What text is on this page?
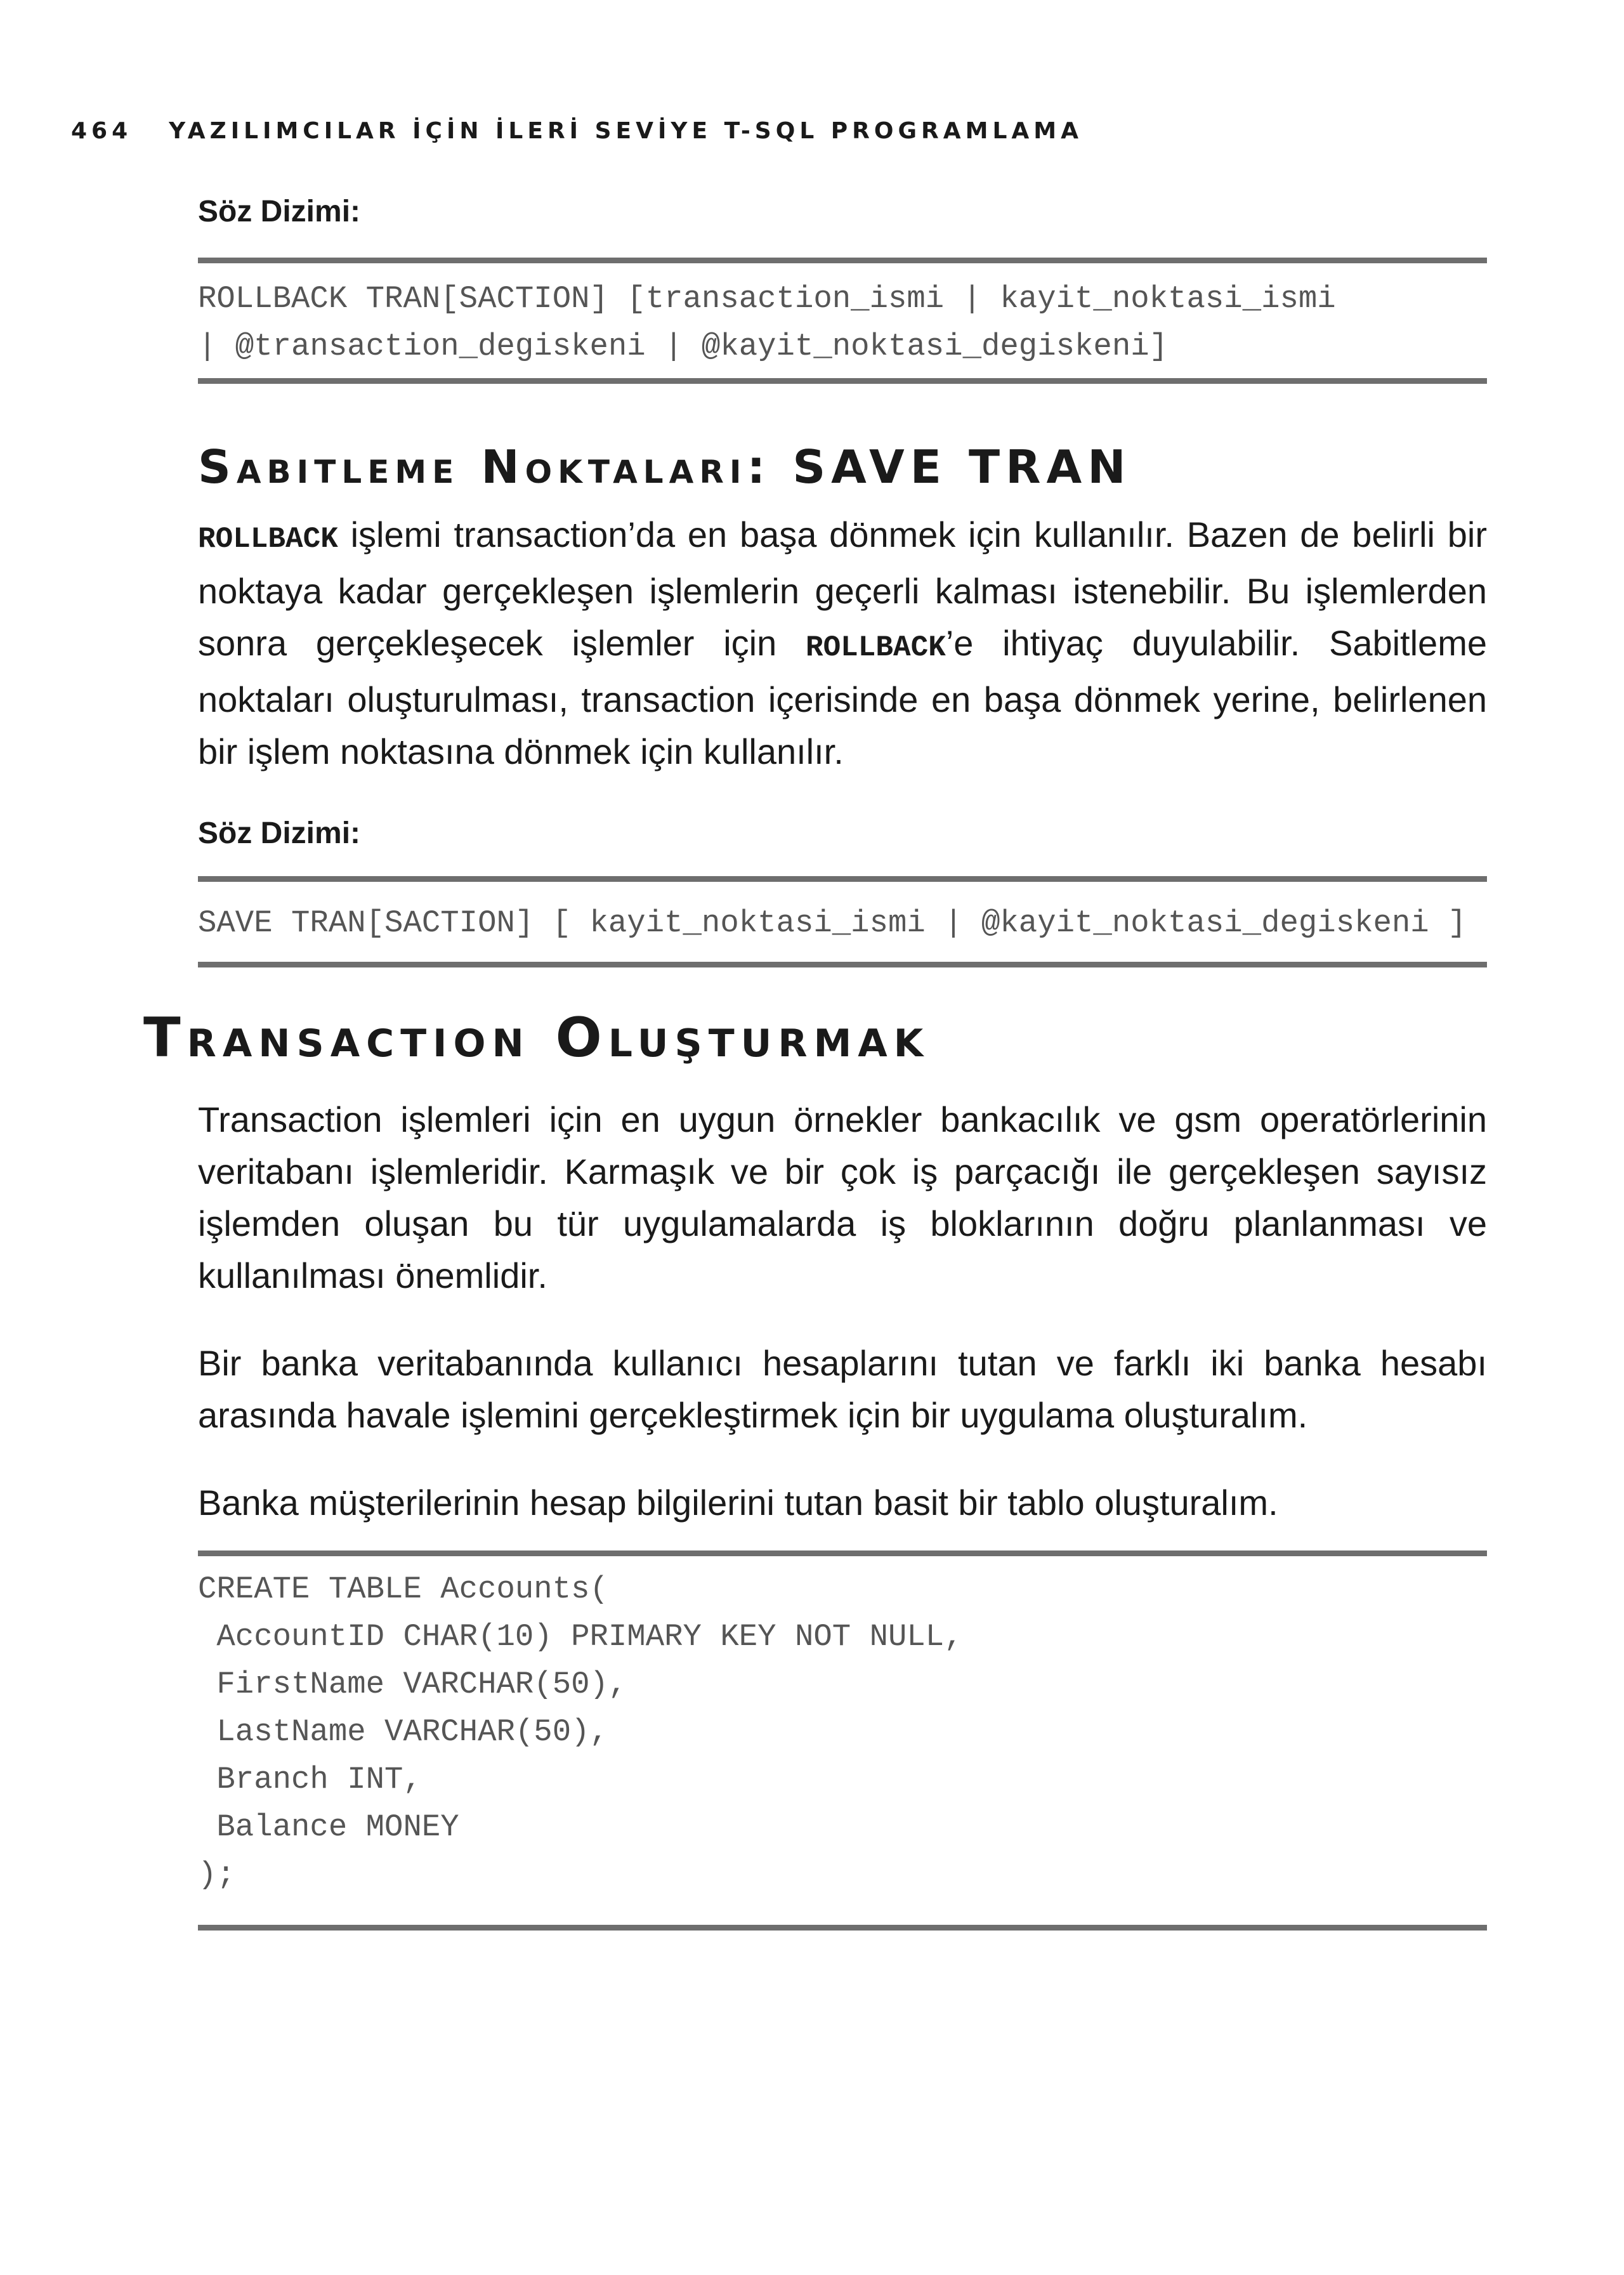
464 YAZILIMCILAR İÇİN İLERİ SEVİYE T-SQL PROGRAMLAMA
Söz Dizimi:
ROLLBACK TRAN[SACTION] [transaction_ismi | kayit_noktasi_ismi
| @transaction_degiskeni | @kayit_noktasi_degiskeni]
Sabitleme Noktaları: SAVE TRAN
ROLLBACK işlemi transaction’da en başa dönmek için kullanılır. Bazen de belirli bir noktaya kadar gerçekleşen işlemlerin geçerli kalması istenebilir. Bu işlemlerden sonra gerçekleşecek işlemler için ROLLBACK’e ihtiyaç duyulabilir. Sabitleme noktaları oluşturulması, transaction içerisinde en başa dönmek yerine, belirlenen bir işlem noktasına dönmek için kullanılır.
Söz Dizimi:
SAVE TRAN[SACTION] [ kayit_noktasi_ismi | @kayit_noktasi_degiskeni ]
Transaction Oluşturmak
Transaction işlemleri için en uygun örnekler bankacılık ve gsm operatörlerinin veritabanı işlemleridir. Karmaşık ve bir çok iş parçacığı ile gerçekleşen sayısız işlemden oluşan bu tür uygulamalarda iş bloklarının doğru planlanması ve kullanılması önemlidir.
Bir banka veritabanında kullanıcı hesaplarını tutan ve farklı iki banka hesabı arasında havale işlemini gerçekleştirmek için bir uygulama oluşturalım.
Banka müşterilerinin hesap bilgilerini tutan basit bir tablo oluşturalım.
CREATE TABLE Accounts(
AccountID CHAR(10) PRIMARY KEY NOT NULL,
FirstName VARCHAR(50),
LastName VARCHAR(50),
Branch INT,
Balance MONEY
);
